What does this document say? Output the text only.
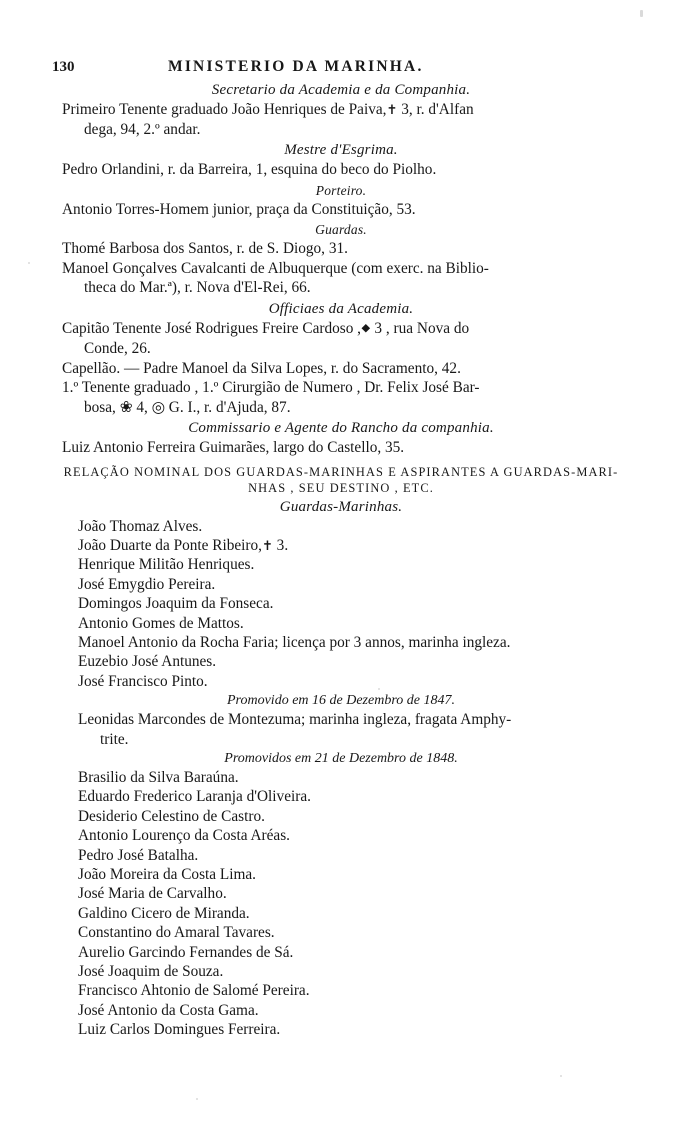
130	MINISTERIO DA MARINHA.
Secretario da Academia e da Companhia.

Primeiro Tenente graduado João Henriques de Paiva,✝ 3, r. d'Alfan
dega, 94, 2.º andar.

Mestre d'Esgrima.

Pedro Orlandini, r. da Barreira, 1, esquina do beco do Piolho.

Porteiro.

Antonio Torres-Homem junior, praça da Constituição, 53.

Guardas.

Thomé Barbosa dos Santos, r. de S. Diogo, 31.

Manoel Gonçalves Cavalcanti de Albuquerque (com exerc. na Biblio-
theca do Mar.ª), r. Nova d'El-Rei, 66.

Officiaes da Academia.

Capitão Tenente José Rodrigues Freire Cardoso ,⯁ 3 , rua Nova do
Conde, 26.

Capellão. — Padre Manoel da Silva Lopes, r. do Sacramento, 42.

1.º Tenente graduado , 1.º Cirurgião de Numero , Dr. Felix José Bar-
bosa, ❀ 4, ◎ G. I., r. d'Ajuda, 87.

Commissario e Agente do Rancho da companhia.

Luiz Antonio Ferreira Guimarães, largo do Castello, 35.

RELAÇÃO NOMINAL DOS GUARDAS-MARINHAS E ASPIRANTES A GUARDAS-MARI-NHAS , SEU DESTINO , ETC.
Guardas-Marinhas.

João Thomaz Alves.

João Duarte da Ponte Ribeiro,✝ 3.

Henrique Militão Henriques.

José Emygdio Pereira.

Domingos Joaquim da Fonseca.

Antonio Gomes de Mattos.

Manoel Antonio da Rocha Faria; licença por 3 annos, marinha ingleza.

Euzebio José Antunes.

José Francisco Pinto.

Promovido em 16 de Dezembro de 1847.

Leonidas Marcondes de Montezuma; marinha ingleza, fragata Amphy-
trite.

Promovidos em 21 de Dezembro de 1848.

Brasilio da Silva Baraúna.

Eduardo Frederico Laranja d'Oliveira.

Desiderio Celestino de Castro.

Antonio Lourenço da Costa Aréas.

Pedro José Batalha.

João Moreira da Costa Lima.

José Maria de Carvalho.

Galdino Cicero de Miranda.

Constantino do Amaral Tavares.

Aurelio Garcindo Fernandes de Sá.

José Joaquim de Souza.

Francisco Ahtonio de Salomé Pereira.

José Antonio da Costa Gama.

Luiz Carlos Domingues Ferreira.
